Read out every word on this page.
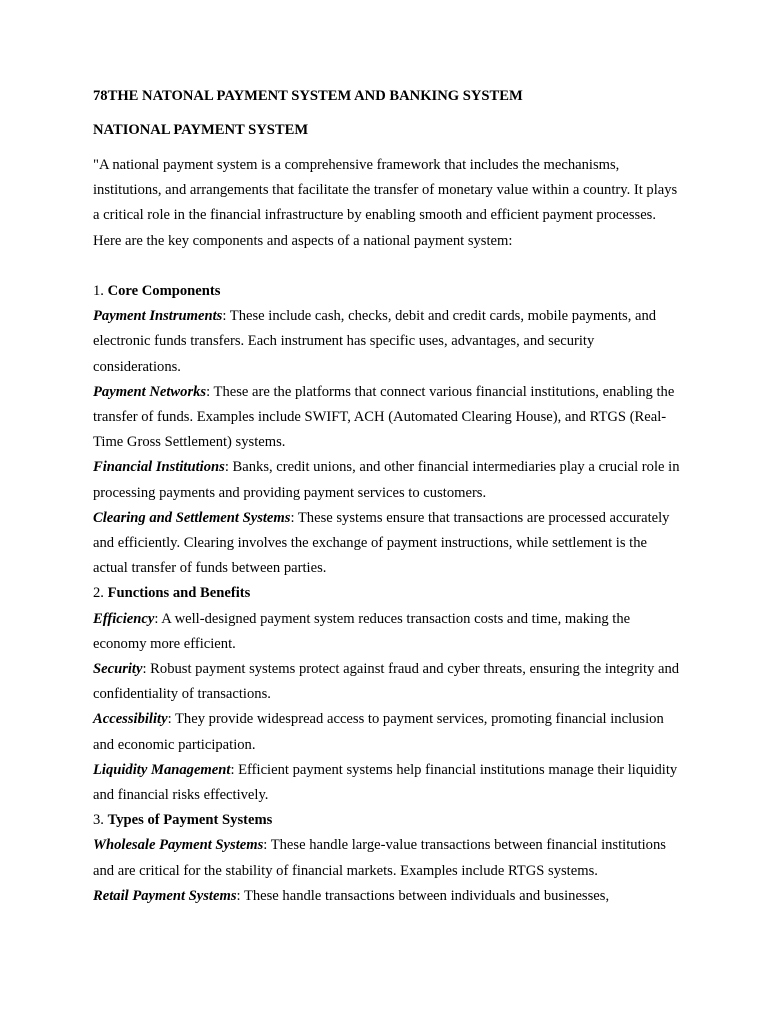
78THE NATONAL PAYMENT SYSTEM AND BANKING SYSTEM
NATIONAL PAYMENT SYSTEM

"A national payment system is a comprehensive framework that includes the mechanisms, institutions, and arrangements that facilitate the transfer of monetary value within a country. It plays a critical role in the financial infrastructure by enabling smooth and efficient payment processes. Here are the key components and aspects of a national payment system:

1. Core Components

Payment Instruments: These include cash, checks, debit and credit cards, mobile payments, and electronic funds transfers. Each instrument has specific uses, advantages, and security considerations.

Payment Networks: These are the platforms that connect various financial institutions, enabling the transfer of funds. Examples include SWIFT, ACH (Automated Clearing House), and RTGS (Real-Time Gross Settlement) systems.

Financial Institutions: Banks, credit unions, and other financial intermediaries play a crucial role in processing payments and providing payment services to customers.

Clearing and Settlement Systems: These systems ensure that transactions are processed accurately and efficiently. Clearing involves the exchange of payment instructions, while settlement is the actual transfer of funds between parties.

2. Functions and Benefits

Efficiency: A well-designed payment system reduces transaction costs and time, making the economy more efficient.

Security: Robust payment systems protect against fraud and cyber threats, ensuring the integrity and confidentiality of transactions.

Accessibility: They provide widespread access to payment services, promoting financial inclusion and economic participation.

Liquidity Management: Efficient payment systems help financial institutions manage their liquidity and financial risks effectively.

3. Types of Payment Systems

Wholesale Payment Systems: These handle large-value transactions between financial institutions and are critical for the stability of financial markets. Examples include RTGS systems.

Retail Payment Systems: These handle transactions between individuals and businesses,
